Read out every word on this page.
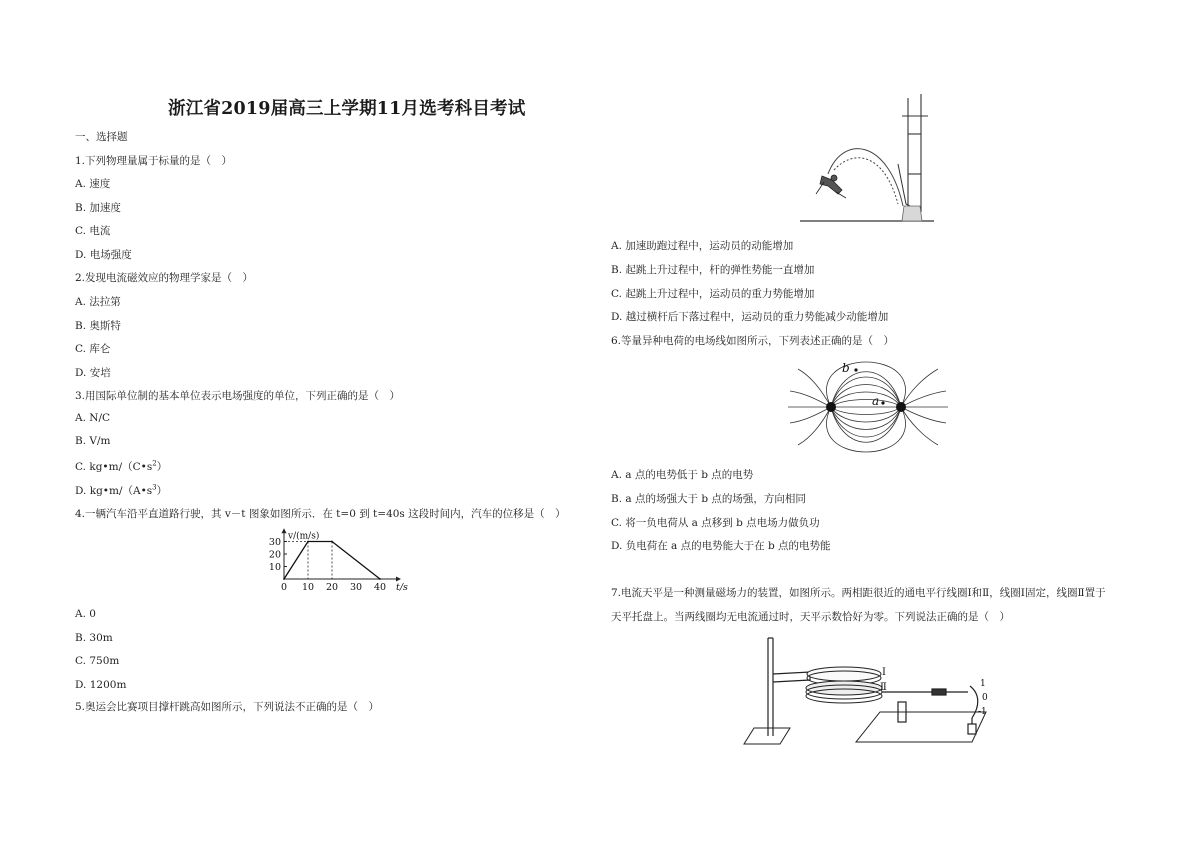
浙江省2019届高三上学期11月选考科目考试
一、选择题
1.下列物理量属于标量的是（　）
A. 速度
B. 加速度
C. 电流
D. 电场强度
2.发现电流磁效应的物理学家是（　）
A. 法拉第
B. 奥斯特
C. 库仑
D. 安培
3.用国际单位制的基本单位表示电场强度的单位，下列正确的是（　）
A. N/C
B. V/m
C. $kg•m/(C•s^2)$
D. $kg•m/(A•s^3)$
4.一辆汽车沿平直道路行驶，其 v－t 图象如图所示．在 t=0 到 t=40s 这段时间内，汽车的位移是（　）
0 10 20 30 40
10
20
30
v/(m/s)
t/s
A. 0
B. 30m
C. 750m
D. 1200m
5.奥运会比赛项目撑杆跳高如图所示，下列说法不正确的是（　）
A. 加速助跑过程中，运动员的动能增加
B. 起跳上升过程中，杆的弹性势能一直增加
C. 起跳上升过程中，运动员的重力势能增加
D. 越过横杆后下落过程中，运动员的重力势能减少动能增加
6.等量异种电荷的电场线如图所示，下列表述正确的是（　）
a
b
A. a 点的电势低于 b 点的电势
B. a 点的场强大于 b 点的场强，方向相同
C. 将一负电荷从 a 点移到 b 点电场力做负功
D. 负电荷在 a 点的电势能大于在 b 点的电势能
7.电流天平是一种测量磁场力的装置，如图所示。两相距很近的通电平行线圈Ⅰ和Ⅱ，线圈Ⅰ固定，线圈Ⅱ置于
天平托盘上。当两线圈均无电流通过时，天平示数恰好为零。下列说法正确的是（　）
Ⅰ
Ⅱ	1
0
-1
